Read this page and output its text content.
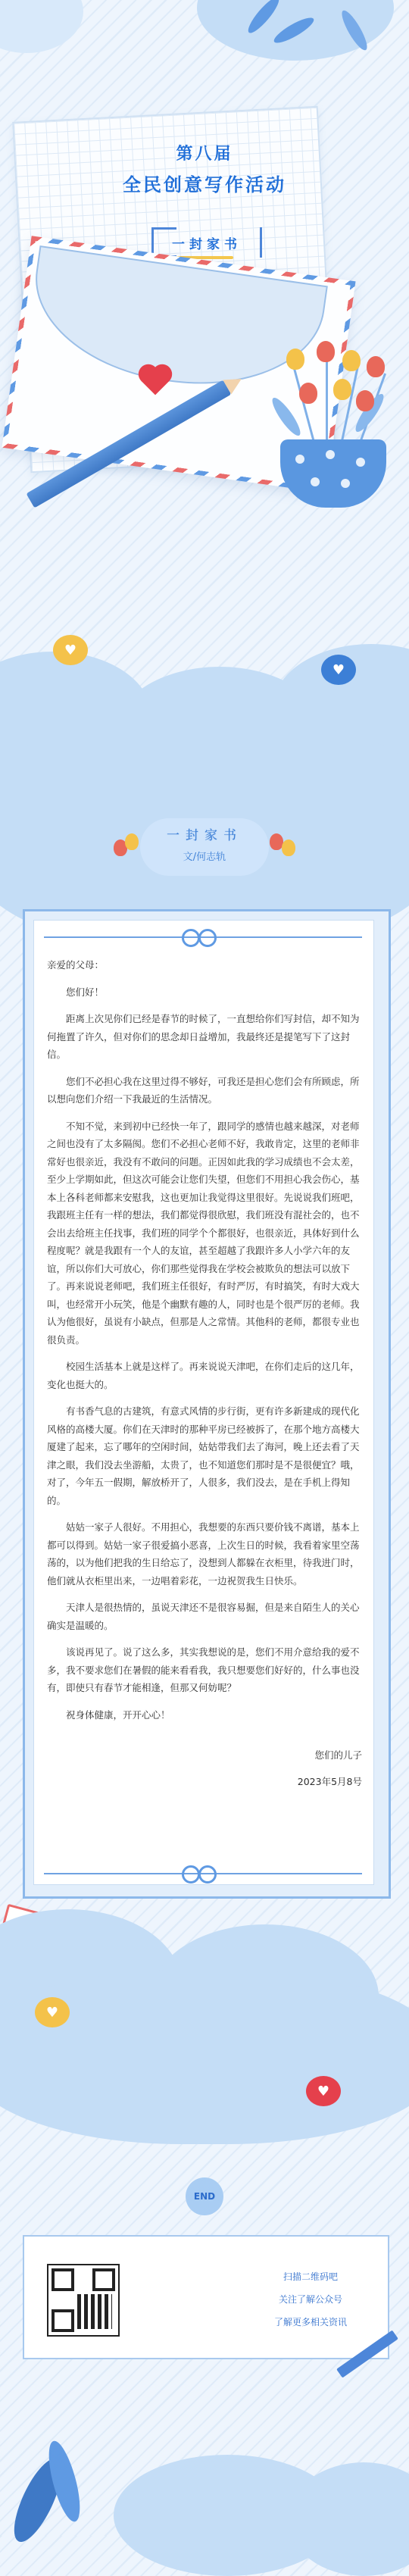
第八届
全民创意写作活动
一封家书
♥
♥
一封家书
文/何志轨

亲爱的父母：

您们好！

距离上次见你们已经是春节的时候了，一直想给你们写封信，却不知为何拖置了许久，但对你们的思念却日益增加，我最终还是提笔写下了这封信。

您们不必担心我在这里过得不够好，可我还是担心您们会有所顾虑，所以想向您们介绍一下我最近的生活情况。

不知不觉，来到初中已经快一年了，跟同学的感情也越来越深，对老师之间也没有了太多隔阂。您们不必担心老师不好，我敢肯定，这里的老师非常好也很亲近，我没有不敢问的问题。正因如此我的学习成绩也不会太差，至少上学期如此，但这次可能会让您们失望，但您们不用担心我会伤心，基本上各科老师都来安慰我，这也更加让我觉得这里很好。先说说我们班吧，我跟班主任有一样的想法，我们都觉得很欣慰，我们班没有混社会的，也不会出去给班主任找事，我们班的同学个个都很好，也很亲近，具体好到什么程度呢？就是我跟有一个人的友谊，甚至超越了我跟许多人小学六年的友谊，所以你们大可放心，你们那些觉得我在学校会被欺负的想法可以放下了。再来说说老师吧，我们班主任很好，有时严厉，有时搞笑，有时大戏大叫，也经常开小玩笑，他是个幽默有趣的人，同时也是个很严厉的老师。我认为他很好，虽说有小缺点，但那是人之常情。其他科的老师，都很专业也很负责。

校园生活基本上就是这样了。再来说说天津吧，在你们走后的这几年，变化也挺大的。

有书香气息的古建筑，有意式风情的步行街，更有许多新建成的现代化风格的高楼大厦。你们在天津时的那种平房已经被拆了，在那个地方高楼大厦建了起来，忘了哪年的空闲时间，姑姑带我们去了海河，晚上还去看了天津之眼，我们没去坐游船，太贵了，也不知道您们那时是不是很便宜？哦，对了，今年五一假期，解放桥开了，人很多，我们没去，是在手机上得知的。

姑姑一家子人很好。不用担心，我想要的东西只要价钱不离谱，基本上都可以得到。姑姑一家子很爱搞小恶喜，上次生日的时候，我看着家里空荡荡的，以为他们把我的生日给忘了，没想到人都躲在衣柜里，待我进门时，他们就从衣柜里出来，一边唱着彩花，一边祝贺我生日快乐。

天津人是很热情的，虽说天津还不是很容易掘，但是来自陌生人的关心确实是温暖的。

该说再见了。说了这么多，其实我想说的是，您们不用介意给我的爱不多，我不要求您们在暑假的能来看看我，我只想要您们好好的，什么事也没有，即使只有春节才能相逢，但那又何妨呢？

祝身体健康，开开心心！

您们的儿子

2023年5月8号

♥
♥
END
扫描二维码吧
关注了解公众号
了解更多相关资讯
